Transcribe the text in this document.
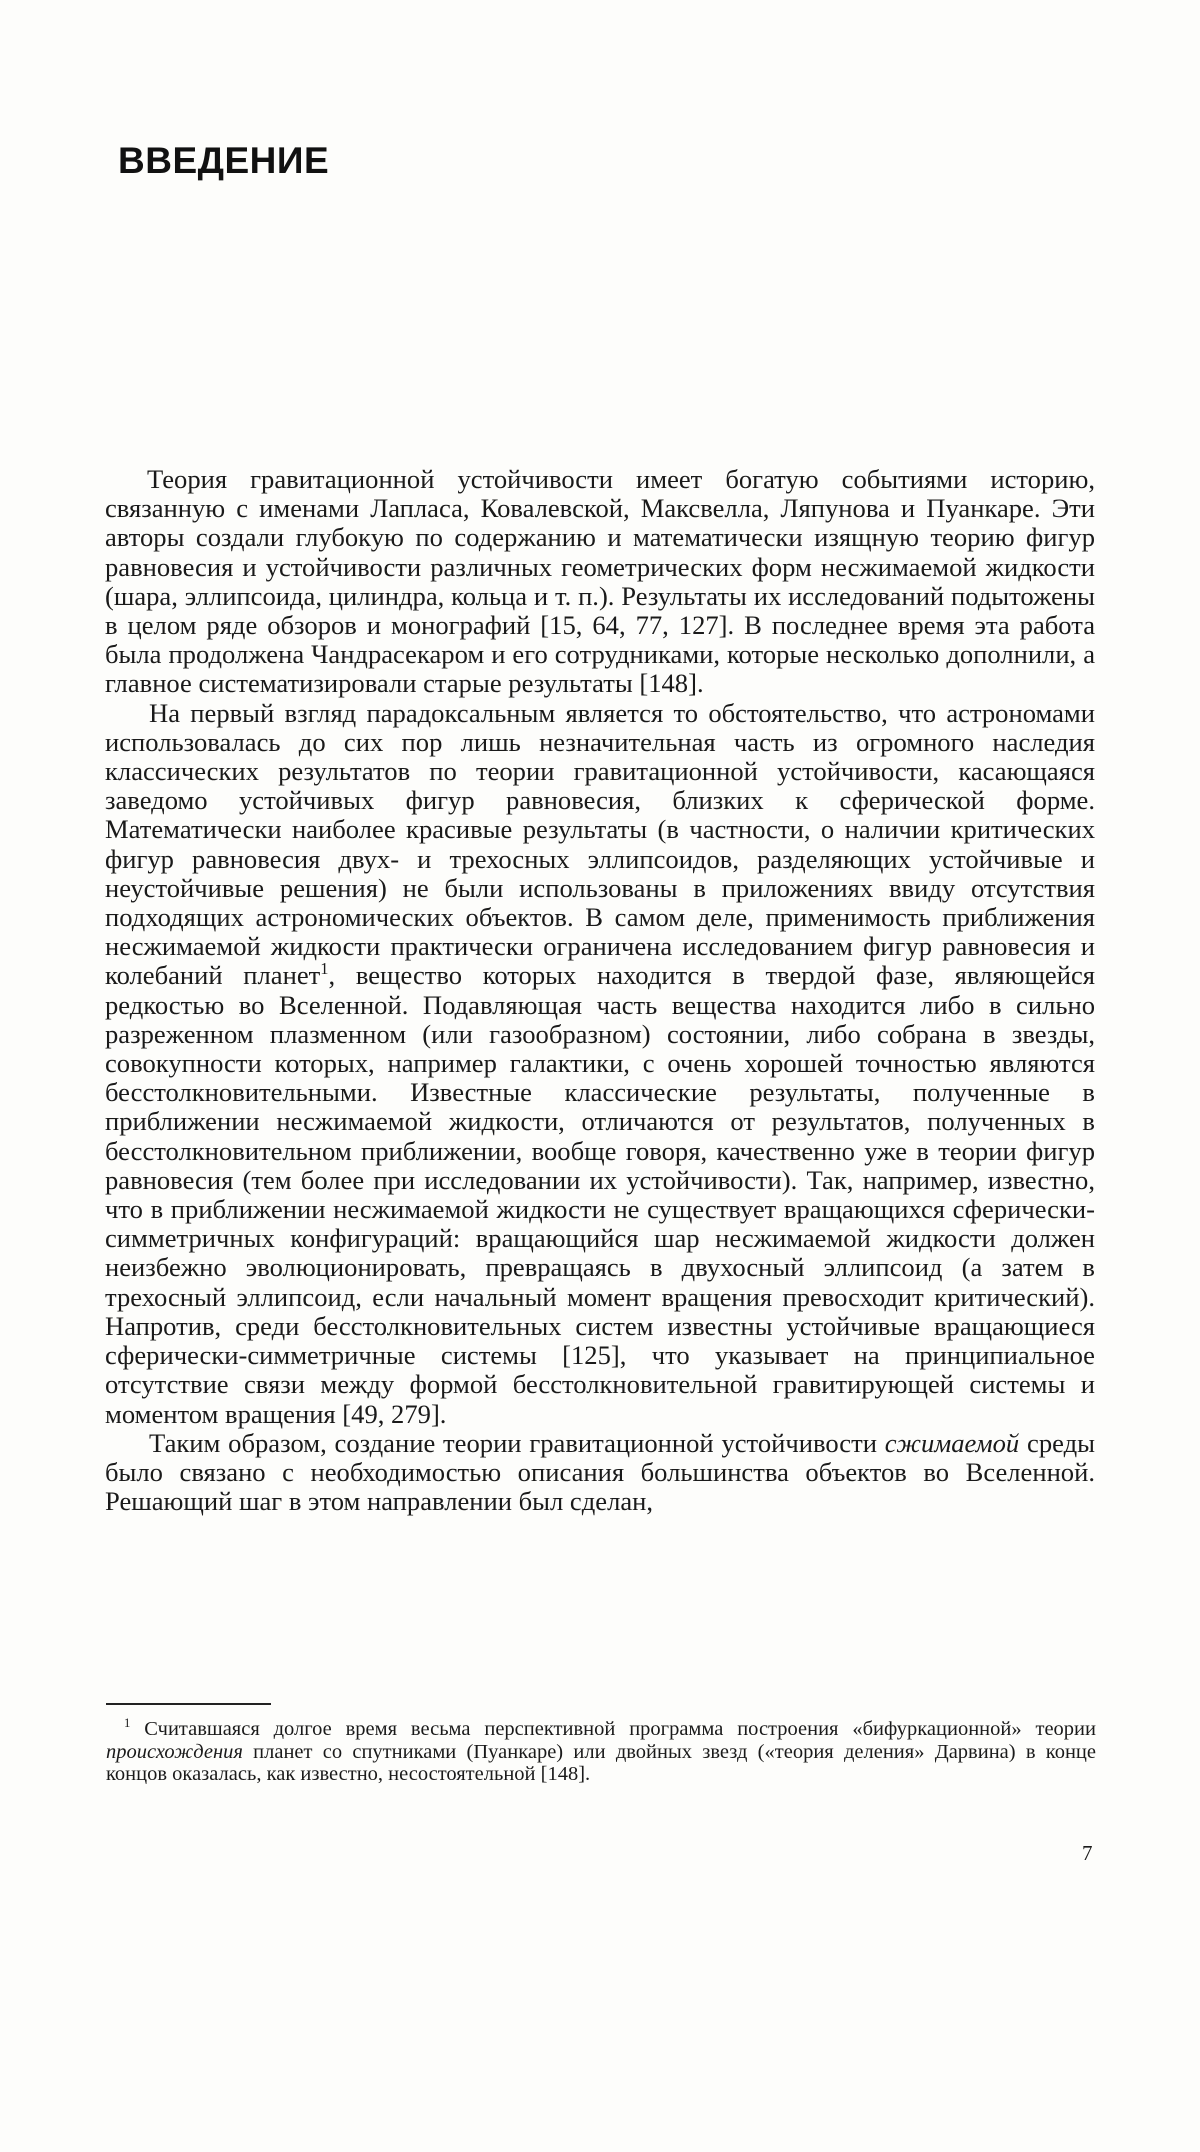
ВВЕДЕНИЕ

Теория гравитационной устойчивости имеет богатую событиями историю, связанную с именами Лапласа, Ковалевской, Максвелла, Ляпунова и Пуанкаре. Эти авторы создали глубокую по содержанию и математически изящную теорию фигур равновесия и устойчивости различных геометрических форм несжимаемой жидкости (шара, эллипсоида, цилиндра, кольца и т. п.). Результаты их исследований подытожены в целом ряде обзоров и монографий [15, 64, 77, 127]. В последнее время эта работа была продолжена Чандрасекаром и его сотрудниками, которые несколько дополнили, а главное систематизировали старые результаты [148].

На первый взгляд парадоксальным является то обстоятельство, что астрономами использовалась до сих пор лишь незначительная часть из огромного наследия классических результатов по теории гравитационной устойчивости, касающаяся заведомо устойчивых фигур равновесия, близких к сферической форме. Математически наиболее красивые результаты (в частности, о наличии критических фигур равновесия двух- и трехосных эллипсоидов, разделяющих устойчивые и неустойчивые решения) не были использованы в приложениях ввиду отсутствия подходящих астрономических объектов. В самом деле, применимость приближения несжимаемой жидкости практически ограничена исследованием фигур равновесия и колебаний планет$^1$, вещество которых находится в твердой фазе, являющейся редкостью во Вселенной. Подавляющая часть вещества находится либо в сильно разреженном плазменном (или газообразном) состоянии, либо собрана в звезды, совокупности которых, например галактики, с очень хорошей точностью являются бесстолкновительными. Известные классические результаты, полученные в приближении несжимаемой жидкости, отличаются от результатов, полученных в бесстолкновительном приближении, вообще говоря, качественно уже в теории фигур равновесия (тем более при исследовании их устойчивости). Так, например, известно, что в приближении несжимаемой жидкости не существует вращающихся сферически-симметричных конфигураций: вращающийся шар несжимаемой жидкости должен неизбежно эволюционировать, превращаясь в двухосный эллипсоид (а затем в трехосный эллипсоид, если начальный момент вращения превосходит критический). Напротив, среди бесстолкновительных систем известны устойчивые вращающиеся сферически-симметричные системы [125], что указывает на принципиальное отсутствие связи между формой бесстолкновительной гравитирующей системы и моментом вращения [49, 279].

Таким образом, создание теории гравитационной устойчивости сжимаемой среды было связано с необходимостью описания большинства объектов во Вселенной. Решающий шаг в этом направлении был сделан,

$^1$ Считавшаяся долгое время весьма перспективной программа построения «бифуркационной» теории происхождения планет со спутниками (Пуанкаре) или двойных звезд («теория деления» Дарвина) в конце концов оказалась, как известно, несостоятельной [148].

7
